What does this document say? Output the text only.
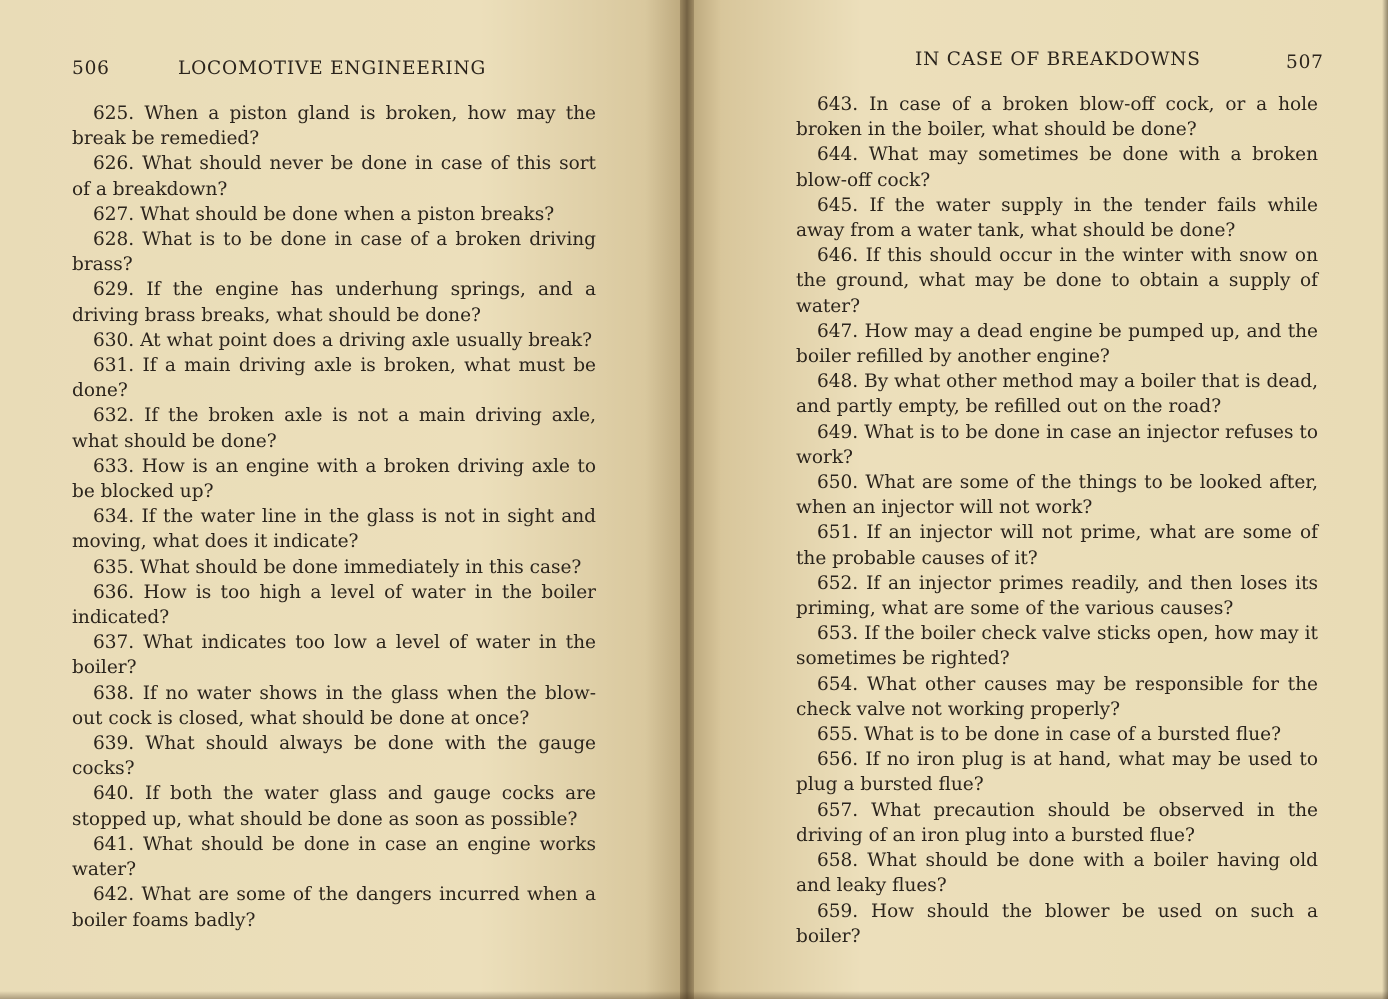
506	LOCOMOTIVE ENGINEERING

625. When a piston gland is broken, how may the break be remedied?

626. What should never be done in case of this sort of a breakdown?

627. What should be done when a piston breaks?

628. What is to be done in case of a broken driving brass?

629. If the engine has underhung springs, and a driving brass breaks, what should be done?

630. At what point does a driving axle usually break?

631. If a main driving axle is broken, what must be done?

632. If the broken axle is not a main driving axle, what should be done?

633. How is an engine with a broken driving axle to be blocked up?

634. If the water line in the glass is not in sight and moving, what does it indicate?

635. What should be done immediately in this case?

636. How is too high a level of water in the boiler indicated?

637. What indicates too low a level of water in the boiler?

638. If no water shows in the glass when the blow-out cock is closed, what should be done at once?

639. What should always be done with the gauge cocks?

640. If both the water glass and gauge cocks are stopped up, what should be done as soon as possible?

641. What should be done in case an engine works water?

642. What are some of the dangers incurred when a boiler foams badly?

IN CASE OF BREAKDOWNS	507

643. In case of a broken blow-off cock, or a hole broken in the boiler, what should be done?

644. What may sometimes be done with a broken blow-off cock?

645. If the water supply in the tender fails while away from a water tank, what should be done?

646. If this should occur in the winter with snow on the ground, what may be done to obtain a supply of water?

647. How may a dead engine be pumped up, and the boiler refilled by another engine?

648. By what other method may a boiler that is dead, and partly empty, be refilled out on the road?

649. What is to be done in case an injector refuses to work?

650. What are some of the things to be looked after, when an injector will not work?

651. If an injector will not prime, what are some of the probable causes of it?

652. If an injector primes readily, and then loses its priming, what are some of the various causes?

653. If the boiler check valve sticks open, how may it sometimes be righted?

654. What other causes may be responsible for the check valve not working properly?

655. What is to be done in case of a bursted flue?

656. If no iron plug is at hand, what may be used to plug a bursted flue?

657. What precaution should be observed in the driving of an iron plug into a bursted flue?

658. What should be done with a boiler having old and leaky flues?

659. How should the blower be used on such a boiler?
